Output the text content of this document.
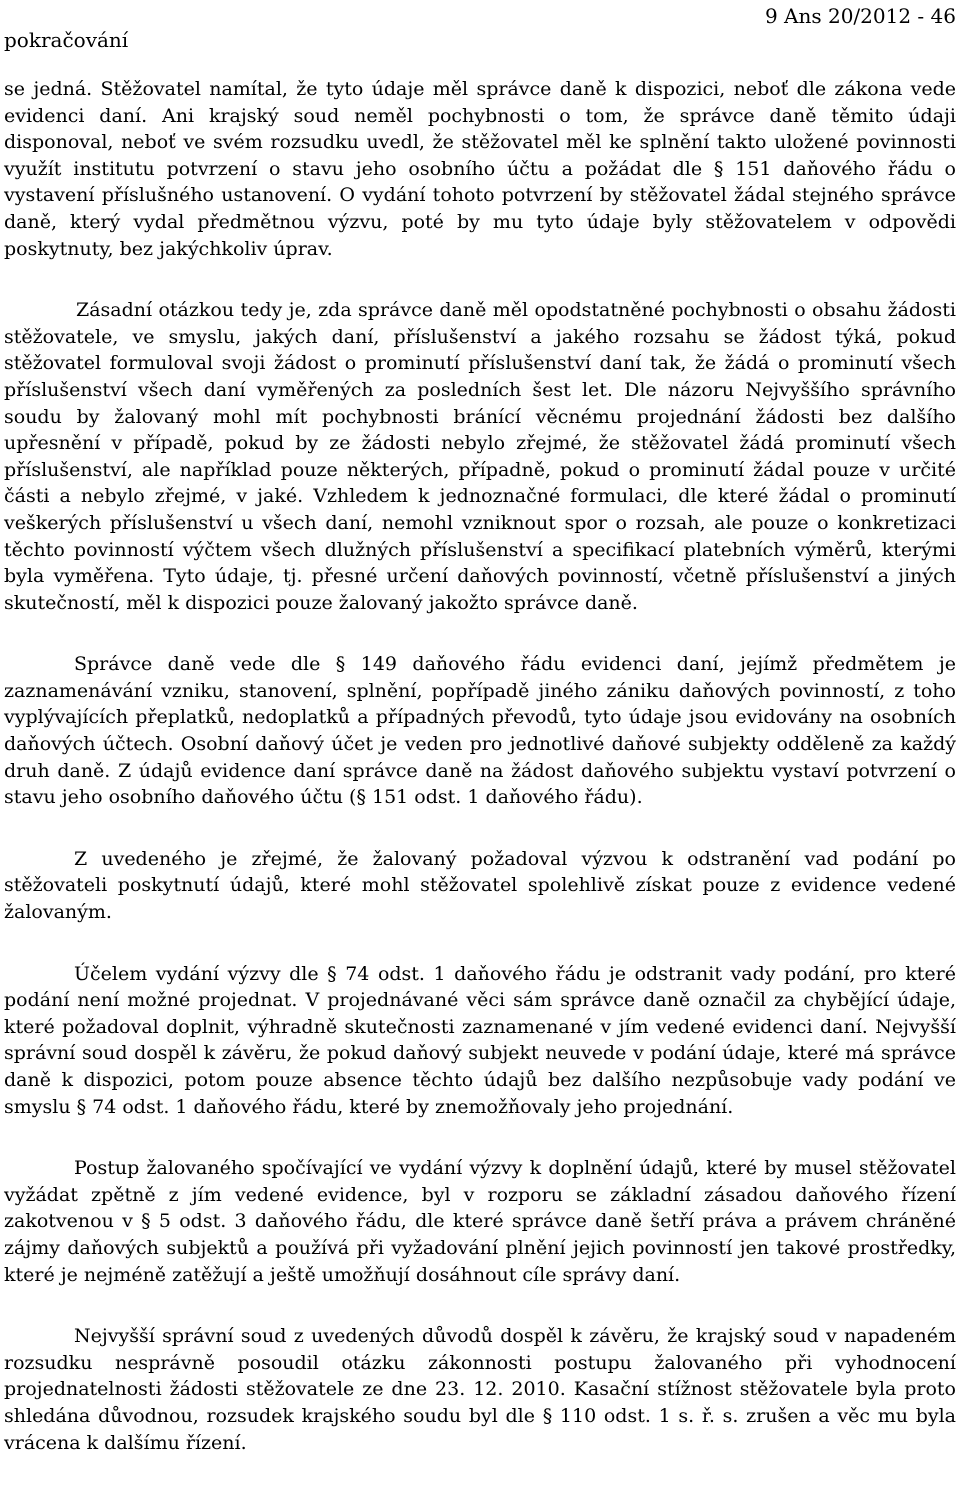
pokračování
9 Ans 20/2012 - 46

se jedná. Stěžovatel namítal, že tyto údaje měl správce daně k dispozici, neboť dle zákona vede evidenci daní. Ani krajský soud neměl pochybnosti o tom, že správce daně těmito údaji disponoval, neboť ve svém rozsudku uvedl, že stěžovatel měl ke splnění takto uložené povinnosti využít institutu potvrzení o stavu jeho osobního účtu a požádat dle § 151 daňového řádu o vystavení příslušného ustanovení. O vydání tohoto potvrzení by stěžovatel žádal stejného správce daně, který vydal předmětnou výzvu, poté by mu tyto údaje byly stěžovatelem v odpovědi poskytnuty, bez jakýchkoliv úprav.

Zásadní otázkou tedy je, zda správce daně měl opodstatněné pochybnosti o obsahu žádosti stěžovatele, ve smyslu, jakých daní, příslušenství a jakého rozsahu se žádost týká, pokud stěžovatel formuloval svoji žádost o prominutí příslušenství daní tak, že žádá o prominutí všech příslušenství všech daní vyměřených za posledních šest let. Dle názoru Nejvyššího správního soudu by žalovaný mohl mít pochybnosti bránící věcnému projednání žádosti bez dalšího upřesnění v případě, pokud by ze žádosti nebylo zřejmé, že stěžovatel žádá prominutí všech příslušenství, ale například pouze některých, případně, pokud o prominutí žádal pouze v určité části a nebylo zřejmé, v jaké. Vzhledem k jednoznačné formulaci, dle které žádal o prominutí veškerých příslušenství u všech daní, nemohl vzniknout spor o rozsah, ale pouze o konkretizaci těchto povinností výčtem všech dlužných příslušenství a specifikací platebních výměrů, kterými byla vyměřena. Tyto údaje, tj. přesné určení daňových povinností, včetně příslušenství a jiných skutečností, měl k dispozici pouze žalovaný jakožto správce daně.

Správce daně vede dle § 149 daňového řádu evidenci daní, jejímž předmětem je zaznamenávání vzniku, stanovení, splnění, popřípadě jiného zániku daňových povinností, z toho vyplývajících přeplatků, nedoplatků a případných převodů, tyto údaje jsou evidovány na osobních daňových účtech. Osobní daňový účet je veden pro jednotlivé daňové subjekty odděleně za každý druh daně. Z údajů evidence daní správce daně na žádost daňového subjektu vystaví potvrzení o stavu jeho osobního daňového účtu (§ 151 odst. 1 daňového řádu).

Z uvedeného je zřejmé, že žalovaný požadoval výzvou k odstranění vad podání po stěžovateli poskytnutí údajů, které mohl stěžovatel spolehlivě získat pouze z evidence vedené žalovaným.

Účelem vydání výzvy dle § 74 odst. 1 daňového řádu je odstranit vady podání, pro které podání není možné projednat. V projednávané věci sám správce daně označil za chybějící údaje, které požadoval doplnit, výhradně skutečnosti zaznamenané v jím vedené evidenci daní. Nejvyšší správní soud dospěl k závěru, že pokud daňový subjekt neuvede v podání údaje, které má správce daně k dispozici, potom pouze absence těchto údajů bez dalšího nezpůsobuje vady podání ve smyslu § 74 odst. 1 daňového řádu, které by znemožňovaly jeho projednání.

Postup žalovaného spočívající ve vydání výzvy k doplnění údajů, které by musel stěžovatel vyžádat zpětně z jím vedené evidence, byl v rozporu se základní zásadou daňového řízení zakotvenou v § 5 odst. 3 daňového řádu, dle které správce daně šetří práva a právem chráněné zájmy daňových subjektů a používá při vyžadování plnění jejich povinností jen takové prostředky, které je nejméně zatěžují a ještě umožňují dosáhnout cíle správy daní.

Nejvyšší správní soud z uvedených důvodů dospěl k závěru, že krajský soud v napadeném rozsudku nesprávně posoudil otázku zákonnosti postupu žalovaného při vyhodnocení projednatelnosti žádosti stěžovatele ze dne 23. 12. 2010. Kasační stížnost stěžovatele byla proto shledána důvodnou, rozsudek krajského soudu byl dle § 110 odst. 1 s. ř. s. zrušen a věc mu byla vrácena k dalšímu řízení.
